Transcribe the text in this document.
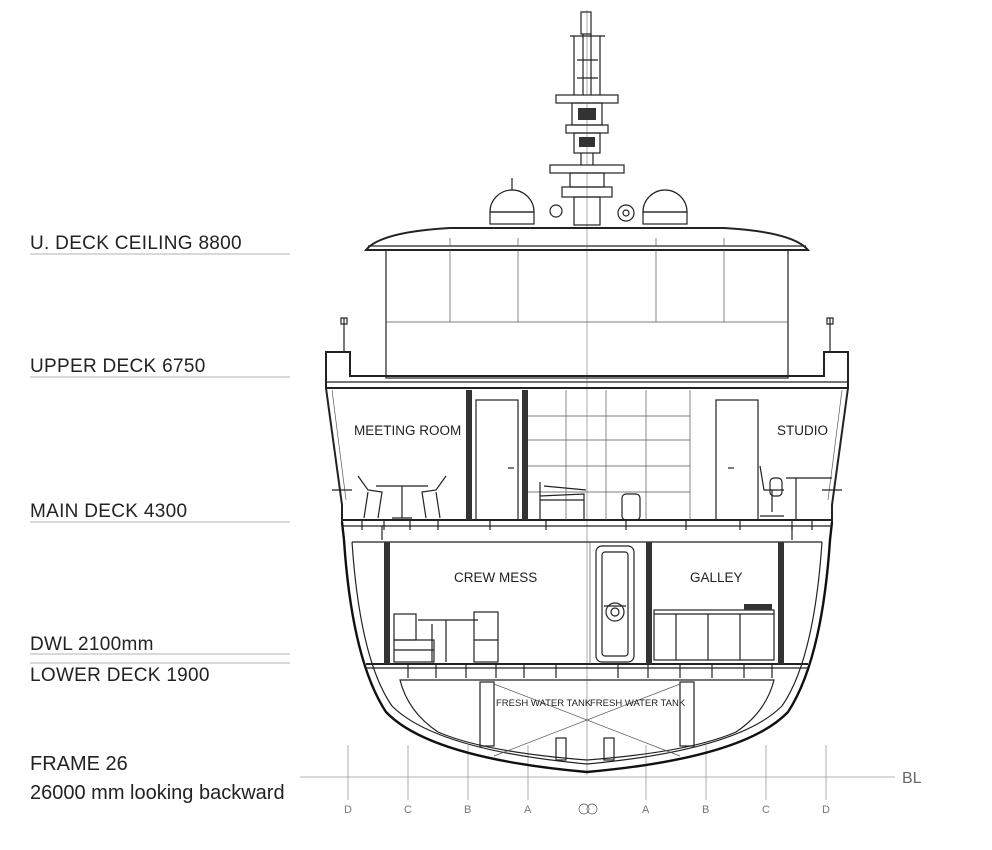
U. DECK CEILING 8800
UPPER DECK 6750
MAIN DECK 4300
DWL 2100mm
LOWER DECK 1900
FRAME 26
26000 mm looking backward
BL
D	C	B	A	A	B	C	D
FRESH WATER TANK
FRESH WATER TANK
MEETING ROOM	STUDIO
CREW MESS	GALLEY
